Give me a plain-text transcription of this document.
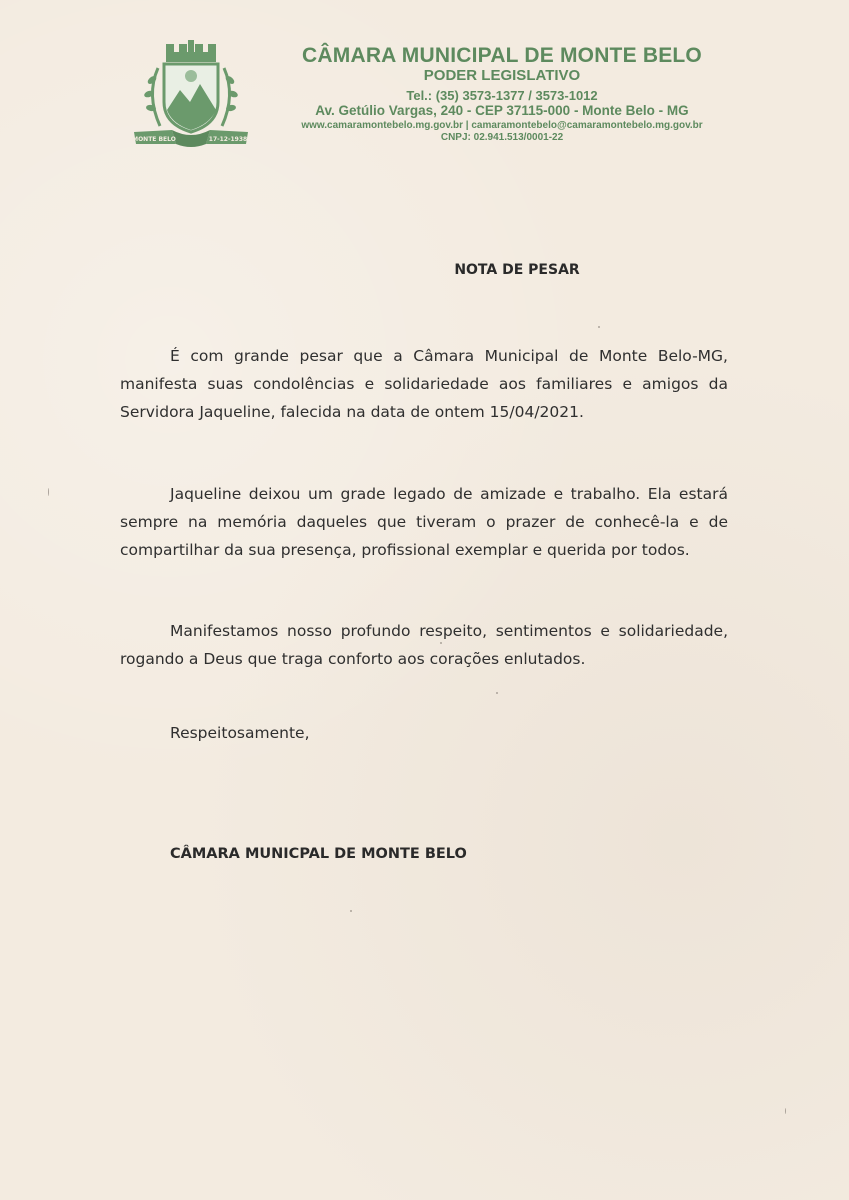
MONTE BELO	17-12-1938
CÂMARA MUNICIPAL DE MONTE BELO
PODER LEGISLATIVO
Tel.: (35) 3573-1377 / 3573-1012
Av. Getúlio Vargas, 240 - CEP 37115-000 - Monte Belo - MG
www.camaramontebelo.mg.gov.br | camaramontebelo@camaramontebelo.mg.gov.br
CNPJ: 02.941.513/0001-22
NOTA DE PESAR
É com grande pesar que a Câmara Municipal de Monte Belo-MG, manifesta suas condolências e solidariedade aos familiares e amigos da Servidora Jaqueline, falecida na data de ontem 15/04/2021.
Jaqueline deixou um grade legado de amizade e trabalho. Ela estará sempre na memória daqueles que tiveram o prazer de conhecê-la e de compartilhar da sua presença, profissional exemplar e querida por todos.
Manifestamos nosso profundo respeito, sentimentos e solidariedade, rogando a Deus que traga conforto aos corações enlutados.
Respeitosamente,
CÂMARA MUNICPAL DE MONTE BELO
